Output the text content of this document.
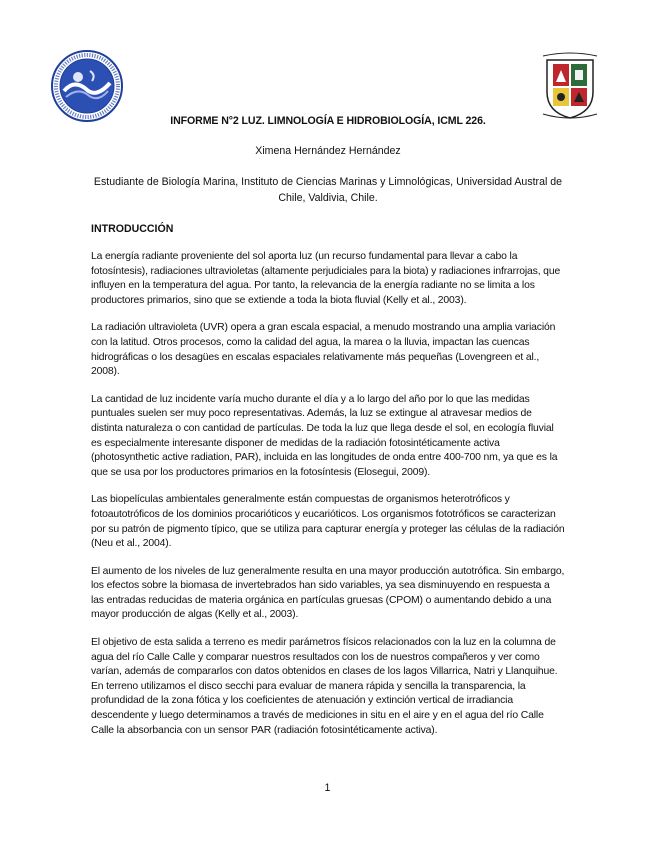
INFORME N°2 LUZ. LIMNOLOGÍA E HIDROBIOLOGÍA, ICML 226.
Ximena Hernández Hernández
Estudiante de Biología Marina, Instituto de Ciencias Marinas y Limnológicas, Universidad Austral de Chile, Valdivia, Chile.
INTRODUCCIÓN

La energía radiante proveniente del sol aporta luz (un recurso fundamental para llevar a cabo la fotosíntesis), radiaciones ultravioletas (altamente perjudiciales para la biota) y radiaciones infrarrojas, que influyen en la temperatura del agua. Por tanto, la relevancia de la energía radiante no se limita a los productores primarios, sino que se extiende a toda la biota fluvial (Kelly et al., 2003).

La radiación ultravioleta (UVR) opera a gran escala espacial, a menudo mostrando una amplia variación con la latitud. Otros procesos, como la calidad del agua, la marea o la lluvia, impactan las cuencas hidrográficas o los desagües en escalas espaciales relativamente más pequeñas (Lovengreen et al., 2008).

La cantidad de luz incidente varía mucho durante el día y a lo largo del año por lo que las medidas puntuales suelen ser muy poco representativas. Además, la luz se extingue al atravesar medios de distinta naturaleza o con cantidad de partículas. De toda la luz que llega desde el sol, en ecología fluvial es especialmente interesante disponer de medidas de la radiación fotosintéticamente activa (photosynthetic active radiation, PAR), incluida en las longitudes de onda entre 400-700 nm, ya que es la que se usa por los productores primarios en la fotosíntesis (Elosegui, 2009).

Las biopelículas ambientales generalmente están compuestas de organismos heterotróficos y fotoautotróficos de los dominios procarióticos y eucarióticos. Los organismos fototróficos se caracterizan por su patrón de pigmento típico, que se utiliza para capturar energía y proteger las células de la radiación (Neu et al., 2004).

El aumento de los niveles de luz generalmente resulta en una mayor producción autotrófica. Sin embargo, los efectos sobre la biomasa de invertebrados han sido variables, ya sea disminuyendo en respuesta a las entradas reducidas de materia orgánica en partículas gruesas (CPOM) o aumentando debido a una mayor producción de algas (Kelly et al., 2003).

El objetivo de esta salida a terreno es medir parámetros físicos relacionados con la luz en la columna de agua del río Calle Calle y comparar nuestros resultados con los de nuestros compañeros y ver como varían, además de compararlos con datos obtenidos en clases de los lagos Villarrica, Natri y Llanquihue. En terreno utilizamos el disco secchi para evaluar de manera rápida y sencilla la transparencia, la profundidad de la zona fótica y los coeficientes de atenuación y extinción vertical de irradiancia descendente y luego determinamos a través de mediciones in situ en el aire y en el agua del río Calle Calle la absorbancia con un sensor PAR (radiación fotosintéticamente activa).

1
